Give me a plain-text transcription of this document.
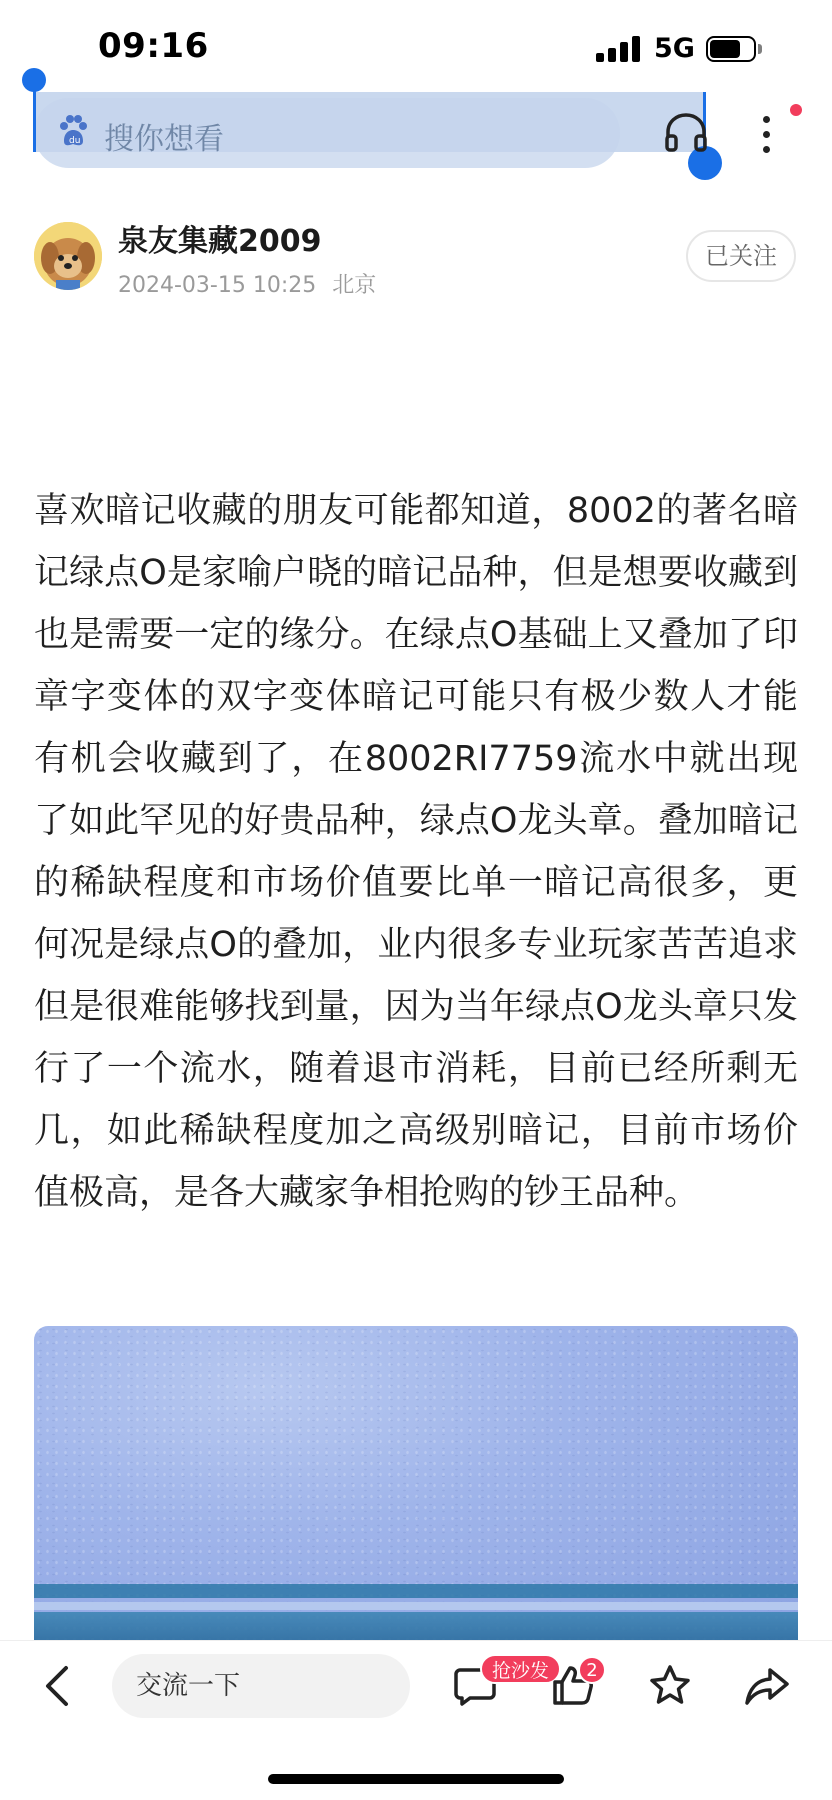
09:16	5G
du 搜你想看
泉友集藏2009
2024-03-15 10:25 北京
已关注
喜欢暗记收藏的朋友可能都知道，8002的著名暗记绿点O是家喻户晓的暗记品种，但是想要收藏到也是需要一定的缘分。在绿点O基础上又叠加了印章字变体的双字变体暗记可能只有极少数人才能有机会收藏到了，在8002RI7759流水中就出现了如此罕见的好贵品种，绿点O龙头章。叠加暗记的稀缺程度和市场价值要比单一暗记高很多，更何况是绿点O的叠加，业内很多专业玩家苦苦追求但是很难能够找到量，因为当年绿点O龙头章只发行了一个流水，随着退市消耗，目前已经所剩无几，如此稀缺程度加之高级别暗记，目前市场价值极高，是各大藏家争相抢购的钞王品种。
交流一下	抢沙发	2
